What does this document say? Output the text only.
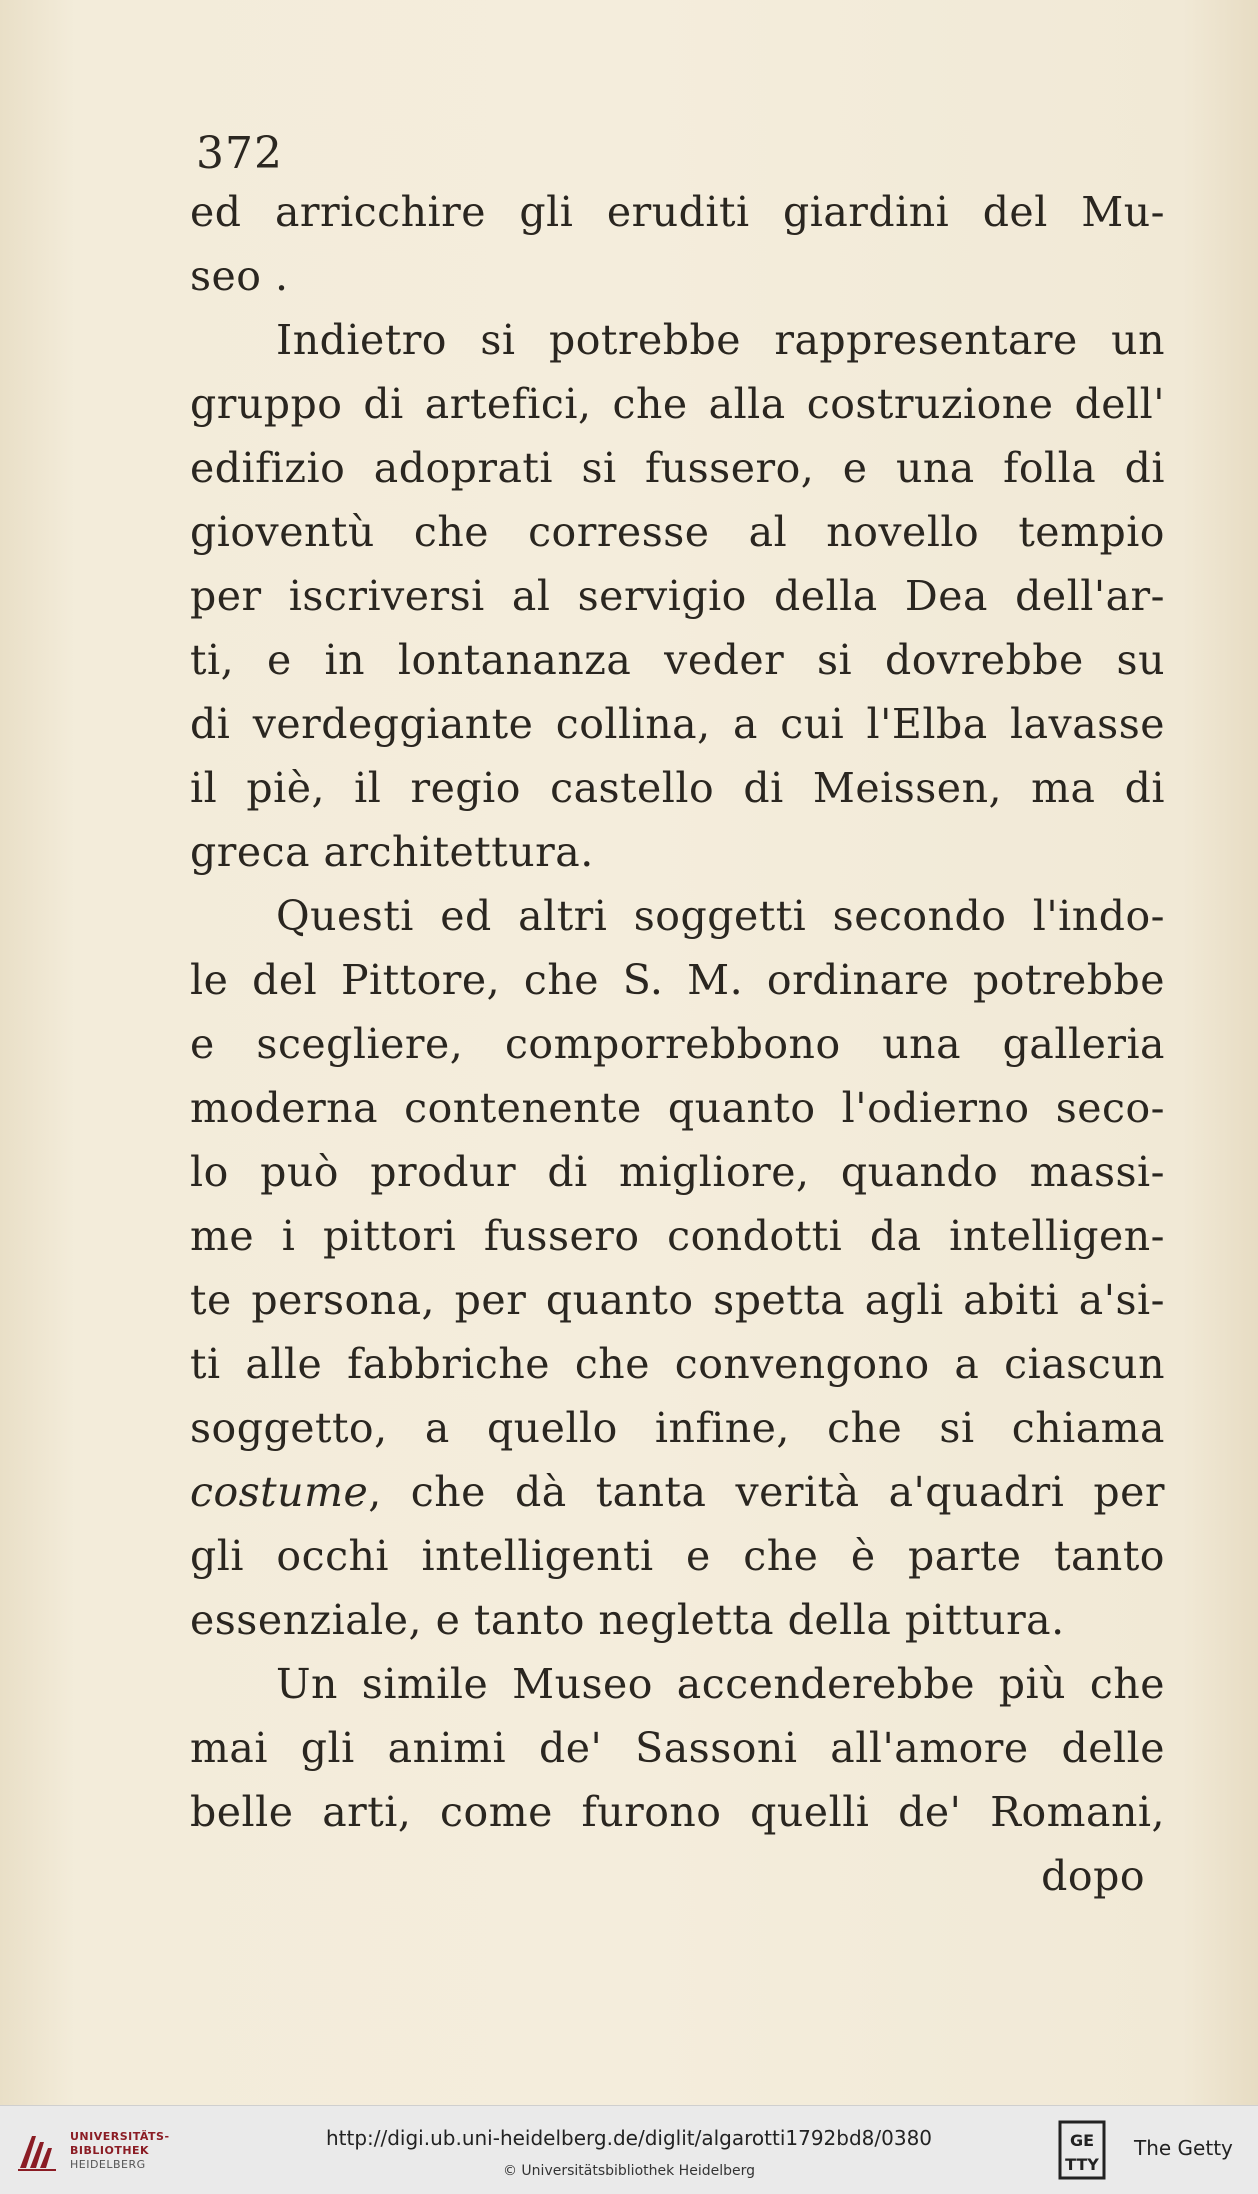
372
ed arricchire gli eruditi giardini del Mu-
seo .
Indietro si potrebbe rappresentare un
gruppo di artefici, che alla costruzione dell'
edifizio adoprati si fussero, e una folla di
gioventù che corresse al novello tempio
per iscriversi al servigio della Dea dell'ar-
ti, e in lontananza veder si dovrebbe su
di verdeggiante collina, a cui l'Elba lavasse
il piè, il regio castello di Meissen, ma di
greca architettura.
Questi ed altri soggetti secondo l'indo-
le del Pittore, che S. M. ordinare potrebbe
e scegliere, comporrebbono una galleria
moderna contenente quanto l'odierno seco-
lo può produr di migliore, quando massi-
me i pittori fussero condotti da intelligen-
te persona, per quanto spetta agli abiti a'si-
ti alle fabbriche che convengono a ciascun
soggetto, a quello infine, che si chiama
costume, che dà tanta verità a'quadri per
gli occhi intelligenti e che è parte tanto
essenziale, e tanto negletta della pittura.
Un simile Museo accenderebbe più che
mai gli animi de' Sassoni all'amore delle
belle arti, come furono quelli de' Romani,
dopo
UNIVERSITÄTS-
BIBLIOTHEK
HEIDELBERG
http://digi.ub.uni-heidelberg.de/diglit/algarotti1792bd8/0380
© Universitätsbibliothek Heidelberg
GE
TTY
The Getty
